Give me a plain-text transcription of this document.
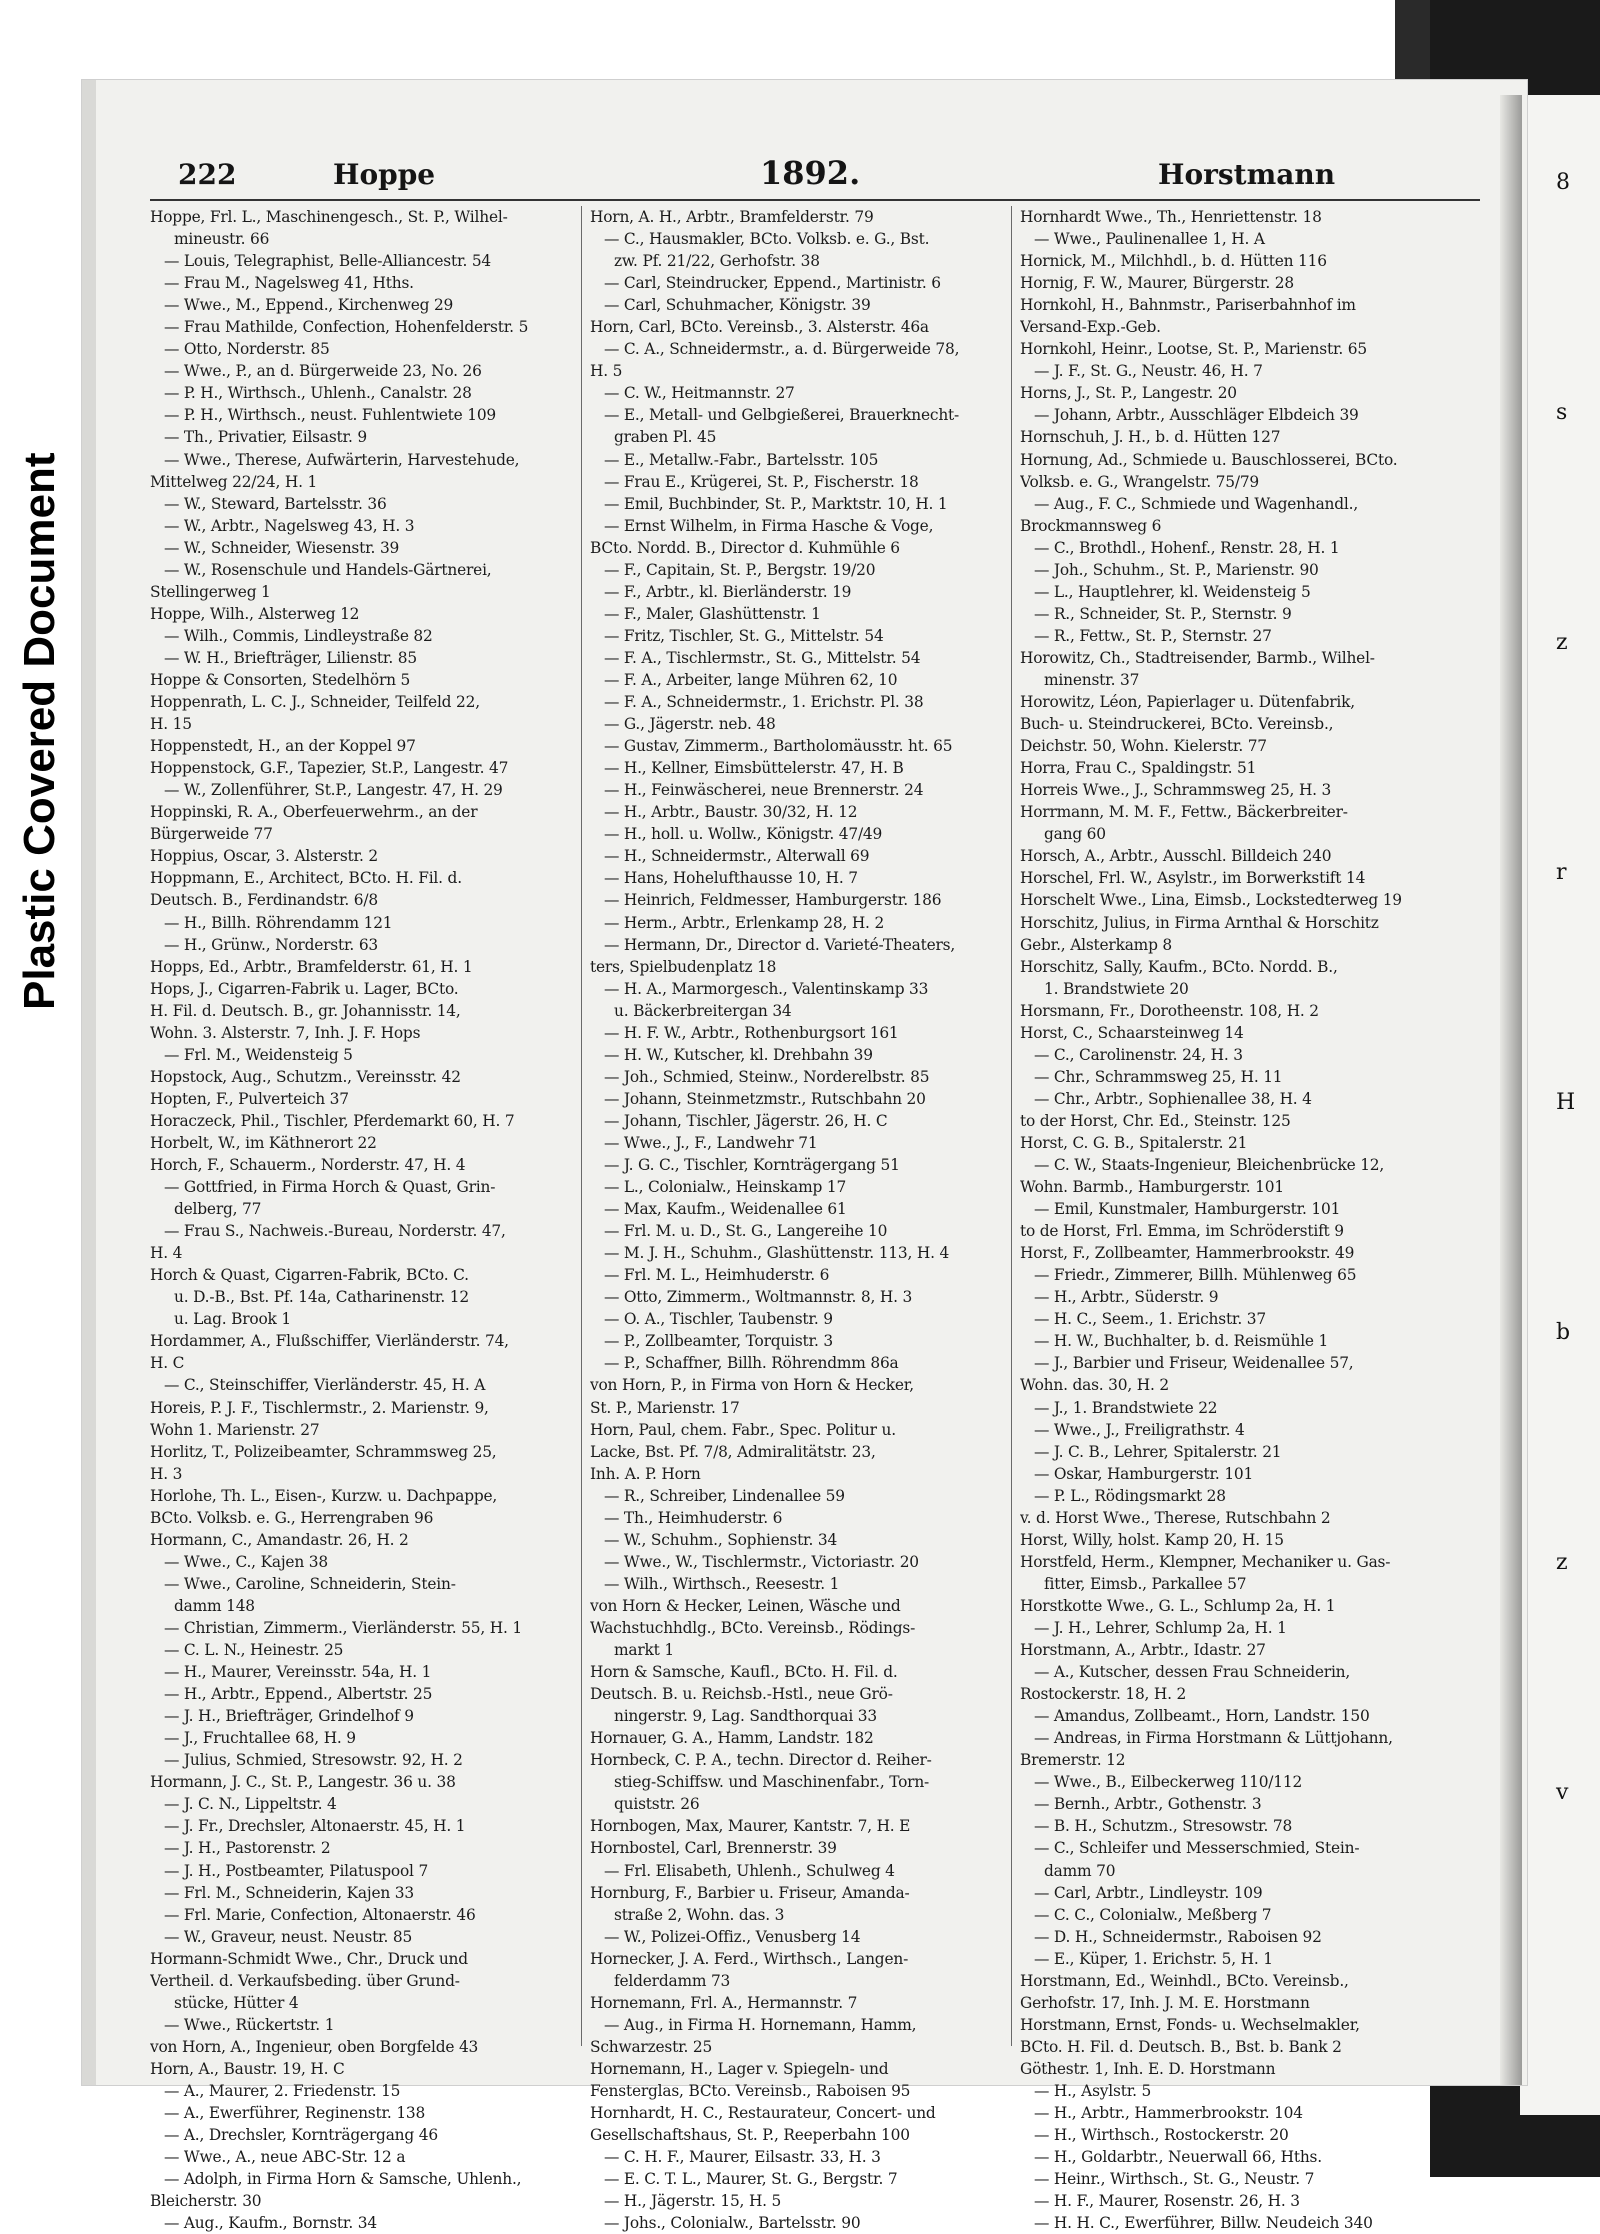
8
s
z
r
H
b
z
v
Plastic Covered Document
222	Hoppe	1892.	Horstmann
Hoppe, Frl. L., Maschinengesch., St. P., Wilhel-
mineustr. 66
— Louis, Telegraphist, Belle-Alliancestr. 54
— Frau M., Nagelsweg 41, Hths.
— Wwe., M., Eppend., Kirchenweg 29
— Frau Mathilde, Confection, Hohenfelderstr. 5
— Otto, Norderstr. 85
— Wwe., P., an d. Bürgerweide 23, No. 26
— P. H., Wirthsch., Uhlenh., Canalstr. 28
— P. H., Wirthsch., neust. Fuhlentwiete 109
— Th., Privatier, Eilsastr. 9
— Wwe., Therese, Aufwärterin, Harvestehude,
Mittelweg 22/24, H. 1
— W., Steward, Bartelsstr. 36
— W., Arbtr., Nagelsweg 43, H. 3
— W., Schneider, Wiesenstr. 39
— W., Rosenschule und Handels-Gärtnerei,
Stellingerweg 1
Hoppe, Wilh., Alsterweg 12
— Wilh., Commis, Lindleystraße 82
— W. H., Briefträger, Lilienstr. 85
Hoppe & Consorten, Stedelhörn 5
Hoppenrath, L. C. J., Schneider, Teilfeld 22,
H. 15
Hoppenstedt, H., an der Koppel 97
Hoppenstock, G.F., Tapezier, St.P., Langestr. 47
— W., Zollenführer, St.P., Langestr. 47, H. 29
Hoppinski, R. A., Oberfeuerwehrm., an der
Bürgerweide 77
Hoppius, Oscar, 3. Alsterstr. 2
Hoppmann, E., Architect, BCto. H. Fil. d.
Deutsch. B., Ferdinandstr. 6/8
— H., Billh. Röhrendamm 121
— H., Grünw., Norderstr. 63
Hopps, Ed., Arbtr., Bramfelderstr. 61, H. 1
Hops, J., Cigarren-Fabrik u. Lager, BCto.
H. Fil. d. Deutsch. B., gr. Johannisstr. 14,
Wohn. 3. Alsterstr. 7, Inh. J. F. Hops
— Frl. M., Weidensteig 5
Hopstock, Aug., Schutzm., Vereinsstr. 42
Hopten, F., Pulverteich 37
Horaczeck, Phil., Tischler, Pferdemarkt 60, H. 7
Horbelt, W., im Käthnerort 22
Horch, F., Schauerm., Norderstr. 47, H. 4
— Gottfried, in Firma Horch & Quast, Grin-
delberg, 77
— Frau S., Nachweis.-Bureau, Norderstr. 47,
H. 4
Horch & Quast, Cigarren-Fabrik, BCto. C.
u. D.-B., Bst. Pf. 14a, Catharinenstr. 12
u. Lag. Brook 1
Hordammer, A., Flußschiffer, Vierländerstr. 74,
H. C
— C., Steinschiffer, Vierländerstr. 45, H. A
Horeis, P. J. F., Tischlermstr., 2. Marienstr. 9,
Wohn 1. Marienstr. 27
Horlitz, T., Polizeibeamter, Schrammsweg 25,
H. 3
Horlohe, Th. L., Eisen-, Kurzw. u. Dachpappe,
BCto. Volksb. e. G., Herrengraben 96
Hormann, C., Amandastr. 26, H. 2
— Wwe., C., Kajen 38
— Wwe., Caroline, Schneiderin, Stein-
damm 148
— Christian, Zimmerm., Vierländerstr. 55, H. 1
— C. L. N., Heinestr. 25
— H., Maurer, Vereinsstr. 54a, H. 1
— H., Arbtr., Eppend., Albertstr. 25
— J. H., Briefträger, Grindelhof 9
— J., Fruchtallee 68, H. 9
— Julius, Schmied, Stresowstr. 92, H. 2
Hormann, J. C., St. P., Langestr. 36 u. 38
— J. C. N., Lippeltstr. 4
— J. Fr., Drechsler, Altonaerstr. 45, H. 1
— J. H., Pastorenstr. 2
— J. H., Postbeamter, Pilatuspool 7
— Frl. M., Schneiderin, Kajen 33
— Frl. Marie, Confection, Altonaerstr. 46
— W., Graveur, neust. Neustr. 85
Hormann-Schmidt Wwe., Chr., Druck und
Vertheil. d. Verkaufsbeding. über Grund-
stücke, Hütter 4
— Wwe., Rückertstr. 1
von Horn, A., Ingenieur, oben Borgfelde 43
Horn, A., Baustr. 19, H. C
— A., Maurer, 2. Friedenstr. 15
— A., Ewerführer, Reginenstr. 138
— A., Drechsler, Kornträgergang 46
— Wwe., A., neue ABC-Str. 12 a
— Adolph, in Firma Horn & Samsche, Uhlenh.,
Bleicherstr. 30
— Aug., Kaufm., Bornstr. 34
Horn, A. H., Arbtr., Bramfelderstr. 79
— C., Hausmakler, BCto. Volksb. e. G., Bst.
zw. Pf. 21/22, Gerhofstr. 38
— Carl, Steindrucker, Eppend., Martinistr. 6
— Carl, Schuhmacher, Königstr. 39
Horn, Carl, BCto. Vereinsb., 3. Alsterstr. 46a
— C. A., Schneidermstr., a. d. Bürgerweide 78,
H. 5
— C. W., Heitmannstr. 27
— E., Metall- und Gelbgießerei, Brauerknecht-
graben Pl. 45
— E., Metallw.-Fabr., Bartelsstr. 105
— Frau E., Krügerei, St. P., Fischerstr. 18
— Emil, Buchbinder, St. P., Marktstr. 10, H. 1
— Ernst Wilhelm, in Firma Hasche & Voge,
BCto. Nordd. B., Director d. Kuhmühle 6
— F., Capitain, St. P., Bergstr. 19/20
— F., Arbtr., kl. Bierländerstr. 19
— F., Maler, Glashüttenstr. 1
— Fritz, Tischler, St. G., Mittelstr. 54
— F. A., Tischlermstr., St. G., Mittelstr. 54
— F. A., Arbeiter, lange Mühren 62, 10
— F. A., Schneidermstr., 1. Erichstr. Pl. 38
— G., Jägerstr. neb. 48
— Gustav, Zimmerm., Bartholomäusstr. ht. 65
— H., Kellner, Eimsbüttelerstr. 47, H. B
— H., Feinwäscherei, neue Brennerstr. 24
— H., Arbtr., Baustr. 30/32, H. 12
— H., holl. u. Wollw., Königstr. 47/49
— H., Schneidermstr., Alterwall 69
— Hans, Hohelufthausse 10, H. 7
— Heinrich, Feldmesser, Hamburgerstr. 186
— Herm., Arbtr., Erlenkamp 28, H. 2
— Hermann, Dr., Director d. Varieté-Theaters,
ters, Spielbudenplatz 18
— H. A., Marmorgesch., Valentinskamp 33
u. Bäckerbreitergan 34
— H. F. W., Arbtr., Rothenburgsort 161
— H. W., Kutscher, kl. Drehbahn 39
— Joh., Schmied, Steinw., Norderelbstr. 85
— Johann, Steinmetzmstr., Rutschbahn 20
— Johann, Tischler, Jägerstr. 26, H. C
— Wwe., J., F., Landwehr 71
— J. G. C., Tischler, Kornträgergang 51
— L., Colonialw., Heinskamp 17
— Max, Kaufm., Weidenallee 61
— Frl. M. u. D., St. G., Langereihe 10
— M. J. H., Schuhm., Glashüttenstr. 113, H. 4
— Frl. M. L., Heimhuderstr. 6
— Otto, Zimmerm., Woltmannstr. 8, H. 3
— O. A., Tischler, Taubenstr. 9
— P., Zollbeamter, Torquistr. 3
— P., Schaffner, Billh. Röhrendmm 86a
von Horn, P., in Firma von Horn & Hecker,
St. P., Marienstr. 17
Horn, Paul, chem. Fabr., Spec. Politur u.
Lacke, Bst. Pf. 7/8, Admiralitätstr. 23,
Inh. A. P. Horn
— R., Schreiber, Lindenallee 59
— Th., Heimhuderstr. 6
— W., Schuhm., Sophienstr. 34
— Wwe., W., Tischlermstr., Victoriastr. 20
— Wilh., Wirthsch., Reesestr. 1
von Horn & Hecker, Leinen, Wäsche und
Wachstuchhdlg., BCto. Vereinsb., Rödings-
markt 1
Horn & Samsche, Kaufl., BCto. H. Fil. d.
Deutsch. B. u. Reichsb.-Hstl., neue Grö-
ningerstr. 9, Lag. Sandthorquai 33
Hornauer, G. A., Hamm, Landstr. 182
Hornbeck, C. P. A., techn. Director d. Reiher-
stieg-Schiffsw. und Maschinenfabr., Torn-
quiststr. 26
Hornbogen, Max, Maurer, Kantstr. 7, H. E
Hornbostel, Carl, Brennerstr. 39
— Frl. Elisabeth, Uhlenh., Schulweg 4
Hornburg, F., Barbier u. Friseur, Amanda-
straße 2, Wohn. das. 3
— W., Polizei-Offiz., Venusberg 14
Hornecker, J. A. Ferd., Wirthsch., Langen-
felderdamm 73
Hornemann, Frl. A., Hermannstr. 7
— Aug., in Firma H. Hornemann, Hamm,
Schwarzestr. 25
Hornemann, H., Lager v. Spiegeln- und
Fensterglas, BCto. Vereinsb., Raboisen 95
Hornhardt, H. C., Restaurateur, Concert- und
Gesellschaftshaus, St. P., Reeperbahn 100
— C. H. F., Maurer, Eilsastr. 33, H. 3
— E. C. T. L., Maurer, St. G., Bergstr. 7
— H., Jägerstr. 15, H. 5
— Johs., Colonialw., Bartelsstr. 90
Hornhardt Wwe., Th., Henriettenstr. 18
— Wwe., Paulinenallee 1, H. A
Hornick, M., Milchhdl., b. d. Hütten 116
Hornig, F. W., Maurer, Bürgerstr. 28
Hornkohl, H., Bahnmstr., Pariserbahnhof im
Versand-Exp.-Geb.
Hornkohl, Heinr., Lootse, St. P., Marienstr. 65
— J. F., St. G., Neustr. 46, H. 7
Horns, J., St. P., Langestr. 20
— Johann, Arbtr., Ausschläger Elbdeich 39
Hornschuh, J. H., b. d. Hütten 127
Hornung, Ad., Schmiede u. Bauschlosserei, BCto.
Volksb. e. G., Wrangelstr. 75/79
— Aug., F. C., Schmiede und Wagenhandl.,
Brockmannsweg 6
— C., Brothdl., Hohenf., Renstr. 28, H. 1
— Joh., Schuhm., St. P., Marienstr. 90
— L., Hauptlehrer, kl. Weidensteig 5
— R., Schneider, St. P., Sternstr. 9
— R., Fettw., St. P., Sternstr. 27
Horowitz, Ch., Stadtreisender, Barmb., Wilhel-
minenstr. 37
Horowitz, Léon, Papierlager u. Dütenfabrik,
Buch- u. Steindruckerei, BCto. Vereinsb.,
Deichstr. 50, Wohn. Kielerstr. 77
Horra, Frau C., Spaldingstr. 51
Horreis Wwe., J., Schrammsweg 25, H. 3
Horrmann, M. M. F., Fettw., Bäckerbreiter-
gang 60
Horsch, A., Arbtr., Ausschl. Billdeich 240
Horschel, Frl. W., Asylstr., im Borwerkstift 14
Horschelt Wwe., Lina, Eimsb., Lockstedterweg 19
Horschitz, Julius, in Firma Arnthal & Horschitz
Gebr., Alsterkamp 8
Horschitz, Sally, Kaufm., BCto. Nordd. B.,
1. Brandstwiete 20
Horsmann, Fr., Dorotheenstr. 108, H. 2
Horst, C., Schaarsteinweg 14
— C., Carolinenstr. 24, H. 3
— Chr., Schrammsweg 25, H. 11
— Chr., Arbtr., Sophienallee 38, H. 4
to der Horst, Chr. Ed., Steinstr. 125
Horst, C. G. B., Spitalerstr. 21
— C. W., Staats-Ingenieur, Bleichenbrücke 12,
Wohn. Barmb., Hamburgerstr. 101
— Emil, Kunstmaler, Hamburgerstr. 101
to de Horst, Frl. Emma, im Schröderstift 9
Horst, F., Zollbeamter, Hammerbrookstr. 49
— Friedr., Zimmerer, Billh. Mühlenweg 65
— H., Arbtr., Süderstr. 9
— H. C., Seem., 1. Erichstr. 37
— H. W., Buchhalter, b. d. Reismühle 1
— J., Barbier und Friseur, Weidenallee 57,
Wohn. das. 30, H. 2
— J., 1. Brandstwiete 22
— Wwe., J., Freiligrathstr. 4
— J. C. B., Lehrer, Spitalerstr. 21
— Oskar, Hamburgerstr. 101
— P. L., Rödingsmarkt 28
v. d. Horst Wwe., Therese, Rutschbahn 2
Horst, Willy, holst. Kamp 20, H. 15
Horstfeld, Herm., Klempner, Mechaniker u. Gas-
fitter, Eimsb., Parkallee 57
Horstkotte Wwe., G. L., Schlump 2a, H. 1
— J. H., Lehrer, Schlump 2a, H. 1
Horstmann, A., Arbtr., Idastr. 27
— A., Kutscher, dessen Frau Schneiderin,
Rostockerstr. 18, H. 2
— Amandus, Zollbeamt., Horn, Landstr. 150
— Andreas, in Firma Horstmann & Lüttjohann,
Bremerstr. 12
— Wwe., B., Eilbeckerweg 110/112
— Bernh., Arbtr., Gothenstr. 3
— B. H., Schutzm., Stresowstr. 78
— C., Schleifer und Messerschmied, Stein-
damm 70
— Carl, Arbtr., Lindleystr. 109
— C. C., Colonialw., Meßberg 7
— D. H., Schneidermstr., Raboisen 92
— E., Küper, 1. Erichstr. 5, H. 1
Horstmann, Ed., Weinhdl., BCto. Vereinsb.,
Gerhofstr. 17, Inh. J. M. E. Horstmann
Horstmann, Ernst, Fonds- u. Wechselmakler,
BCto. H. Fil. d. Deutsch. B., Bst. b. Bank 2
Göthestr. 1, Inh. E. D. Horstmann
— H., Asylstr. 5
— H., Arbtr., Hammerbrookstr. 104
— H., Wirthsch., Rostockerstr. 20
— H., Goldarbtr., Neuerwall 66, Hths.
— Heinr., Wirthsch., St. G., Neustr. 7
— H. F., Maurer, Rosenstr. 26, H. 3
— H. H. C., Ewerführer, Billw. Neudeich 340
